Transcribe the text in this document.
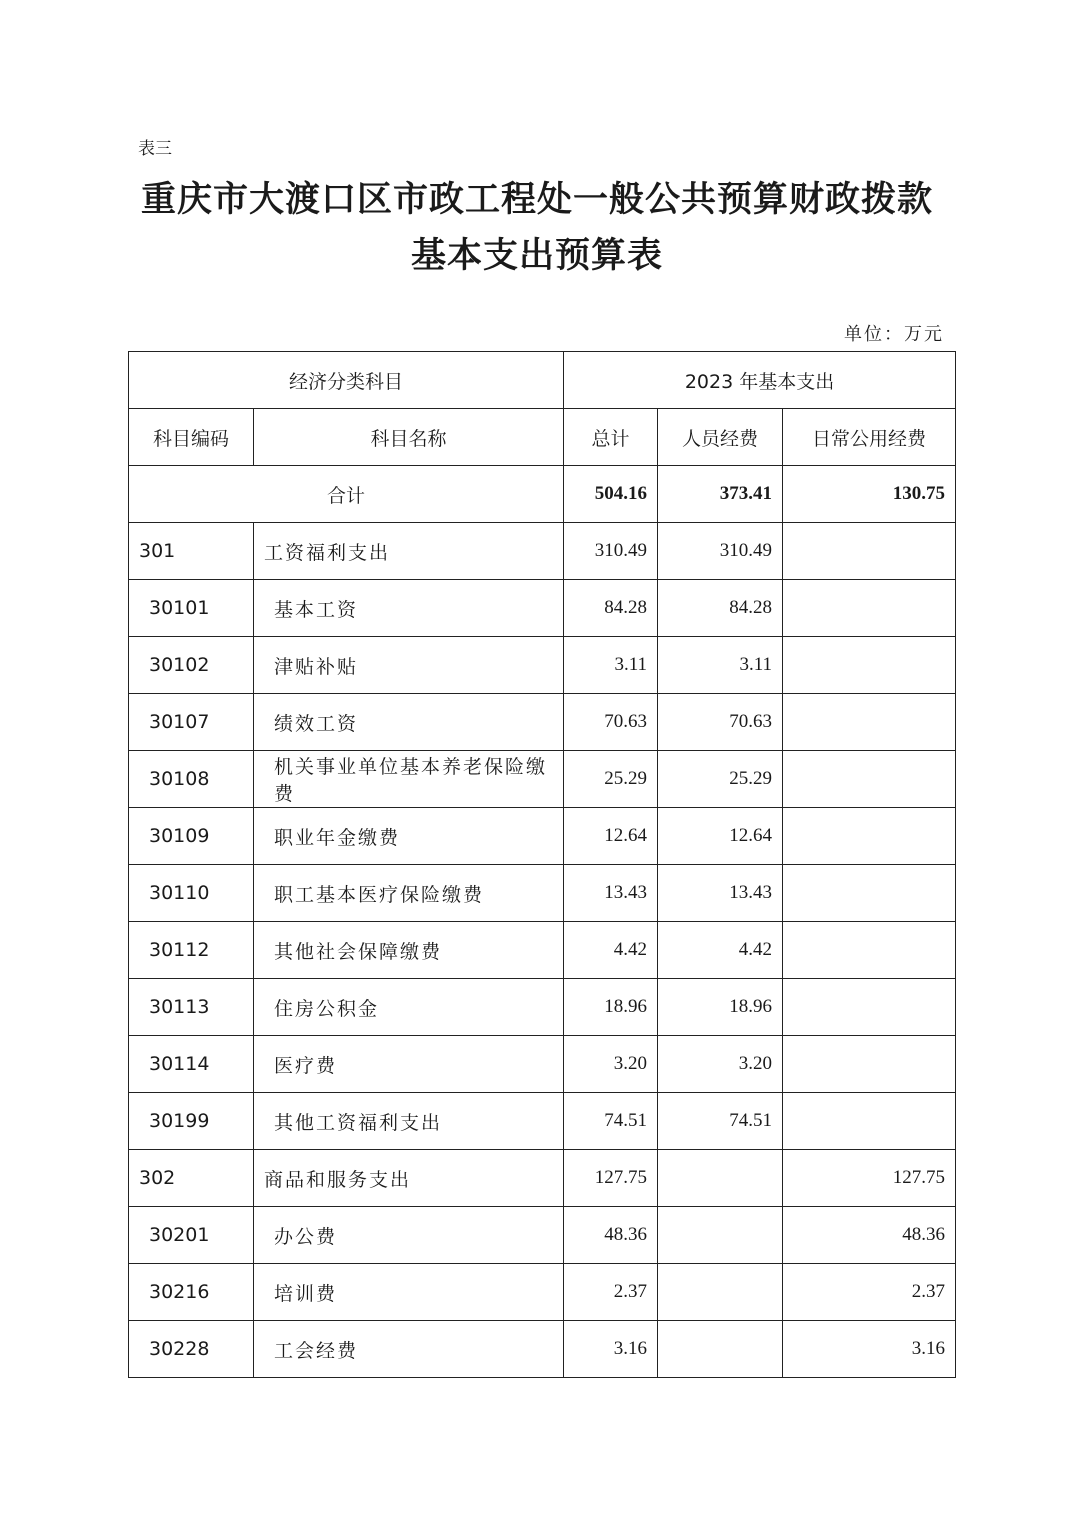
表三
重庆市大渡口区市政工程处一般公共预算财政拨款
基本支出预算表
单位：万元
经济分类科目		2023 年基本支出		
科目编码	科目名称	总计	人员经费	日常公用经费
合计		504.16	373.41	130.75
301	工资福利支出	310.49	310.49	
30101	基本工资	84.28	84.28	
30102	津贴补贴	3.11	3.11	
30107	绩效工资	70.63	70.63	
30108	机关事业单位基本养老保险缴费	25.29	25.29	
30109	职业年金缴费	12.64	12.64	
30110	职工基本医疗保险缴费	13.43	13.43	
30112	其他社会保障缴费	4.42	4.42	
30113	住房公积金	18.96	18.96	
30114	医疗费	3.20	3.20	
30199	其他工资福利支出	74.51	74.51	
302	商品和服务支出	127.75		127.75
30201	办公费	48.36		48.36
30216	培训费	2.37		2.37
30228	工会经费	3.16		3.16
